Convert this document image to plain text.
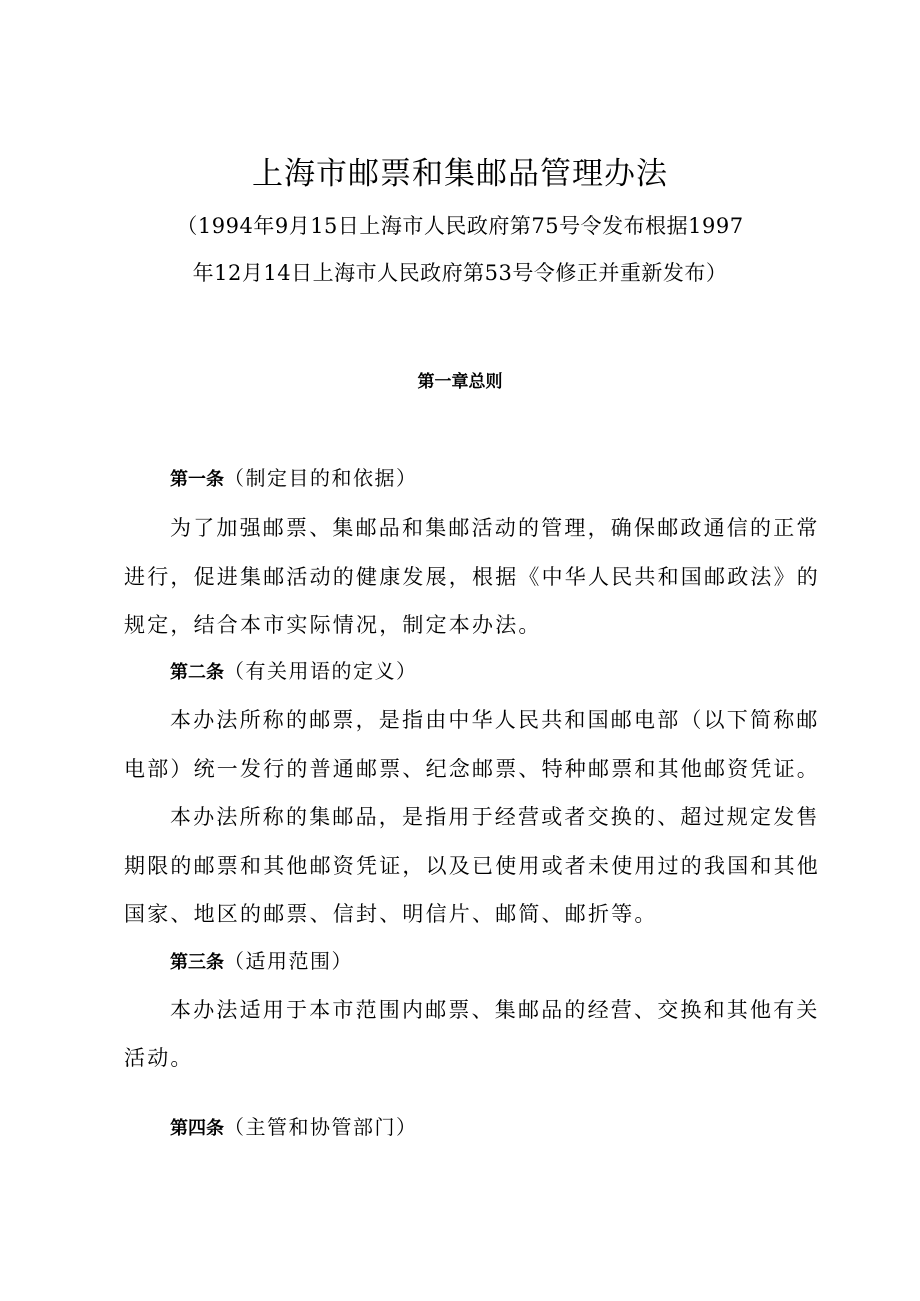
上海市邮票和集邮品管理办法
（1994年9月15日上海市人民政府第75号令发布根据1997
年12月14日上海市人民政府第53号令修正并重新发布）
第一章总则
第一条（制定目的和依据）
为了加强邮票、集邮品和集邮活动的管理，确保邮政通信的正常
进行，促进集邮活动的健康发展，根据《中华人民共和国邮政法》的
规定，结合本市实际情况，制定本办法。
第二条（有关用语的定义）
本办法所称的邮票，是指由中华人民共和国邮电部（以下简称邮
电部）统一发行的普通邮票、纪念邮票、特种邮票和其他邮资凭证。
本办法所称的集邮品，是指用于经营或者交换的、超过规定发售
期限的邮票和其他邮资凭证，以及已使用或者未使用过的我国和其他
国家、地区的邮票、信封、明信片、邮简、邮折等。
第三条（适用范围）
本办法适用于本市范围内邮票、集邮品的经营、交换和其他有关
活动。
第四条（主管和协管部门）
